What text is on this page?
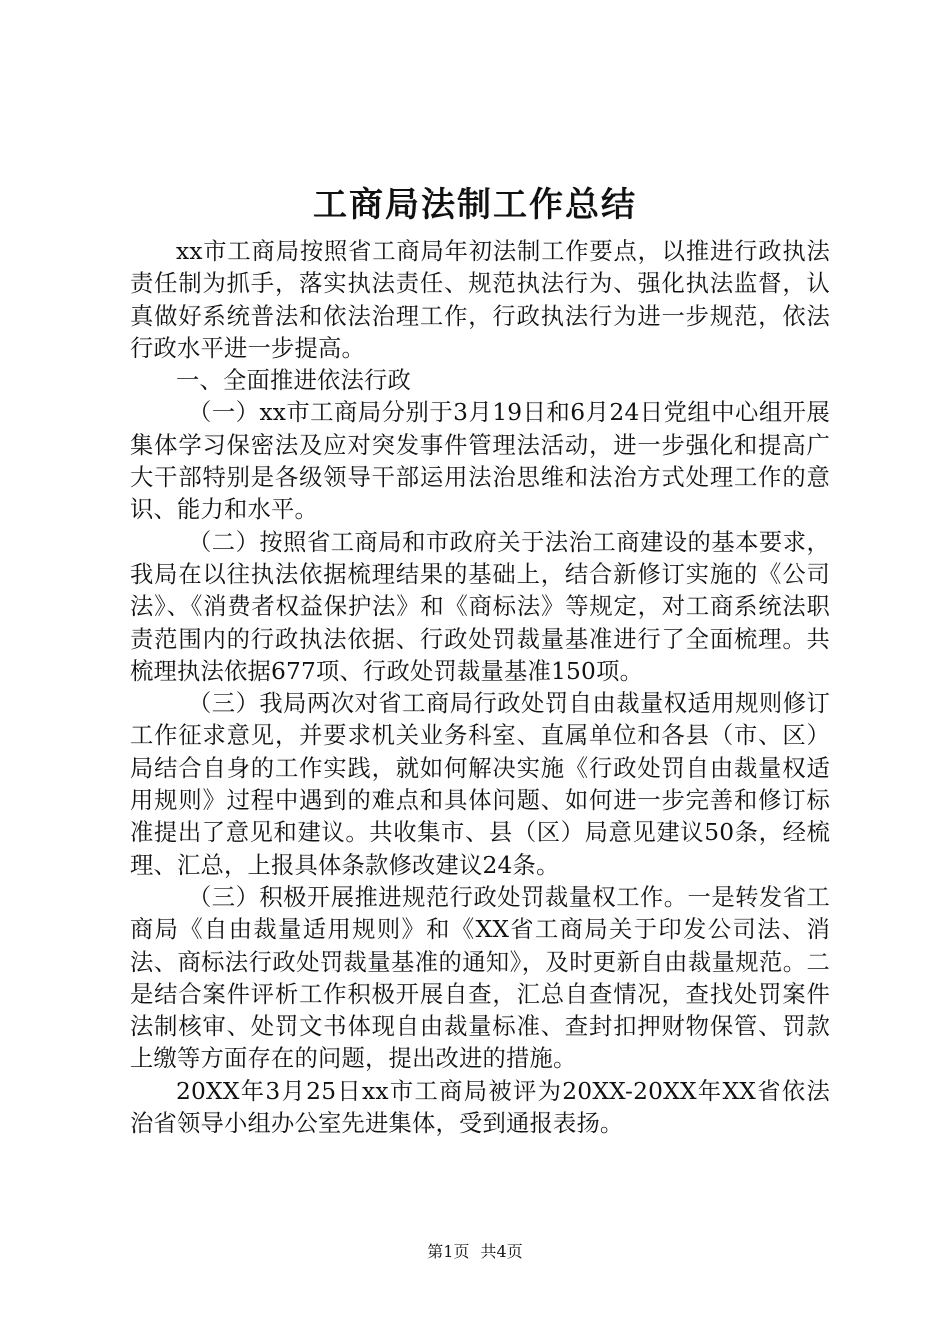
工商局法制工作总结

xx市工商局按照省工商局年初法制工作要点，以推进行政执法责任制为抓手，落实执法责任、规范执法行为、强化执法监督，认真做好系统普法和依法治理工作，行政执法行为进一步规范，依法行政水平进一步提高。

一、全面推进依法行政

（一）xx市工商局分别于3月19日和6月24日党组中心组开展集体学习保密法及应对突发事件管理法活动，进一步强化和提高广大干部特别是各级领导干部运用法治思维和法治方式处理工作的意识、能力和水平。

（二）按照省工商局和市政府关于法治工商建设的基本要求，我局在以往执法依据梳理结果的基础上，结合新修订实施的《公司法》、《消费者权益保护法》和《商标法》等规定，对工商系统法职责范围内的行政执法依据、行政处罚裁量基准进行了全面梳理。共梳理执法依据677项、行政处罚裁量基准150项。

（三）我局两次对省工商局行政处罚自由裁量权适用规则修订工作征求意见，并要求机关业务科室、直属单位和各县（市、区）局结合自身的工作实践，就如何解决实施《行政处罚自由裁量权适用规则》过程中遇到的难点和具体问题、如何进一步完善和修订标准提出了意见和建议。共收集市、县（区）局意见建议50条，经梳理、汇总，上报具体条款修改建议24条。

（三）积极开展推进规范行政处罚裁量权工作。一是转发省工商局《自由裁量适用规则》和《XX省工商局关于印发公司法、消法、商标法行政处罚裁量基准的通知》，及时更新自由裁量规范。二是结合案件评析工作积极开展自查，汇总自查情况，查找处罚案件法制核审、处罚文书体现自由裁量标准、查封扣押财物保管、罚款上缴等方面存在的问题，提出改进的措施。

20XX年3月25日xx市工商局被评为20XX-20XX年XX省依法治省领导小组办公室先进集体，受到通报表扬。

第1页 共4页
